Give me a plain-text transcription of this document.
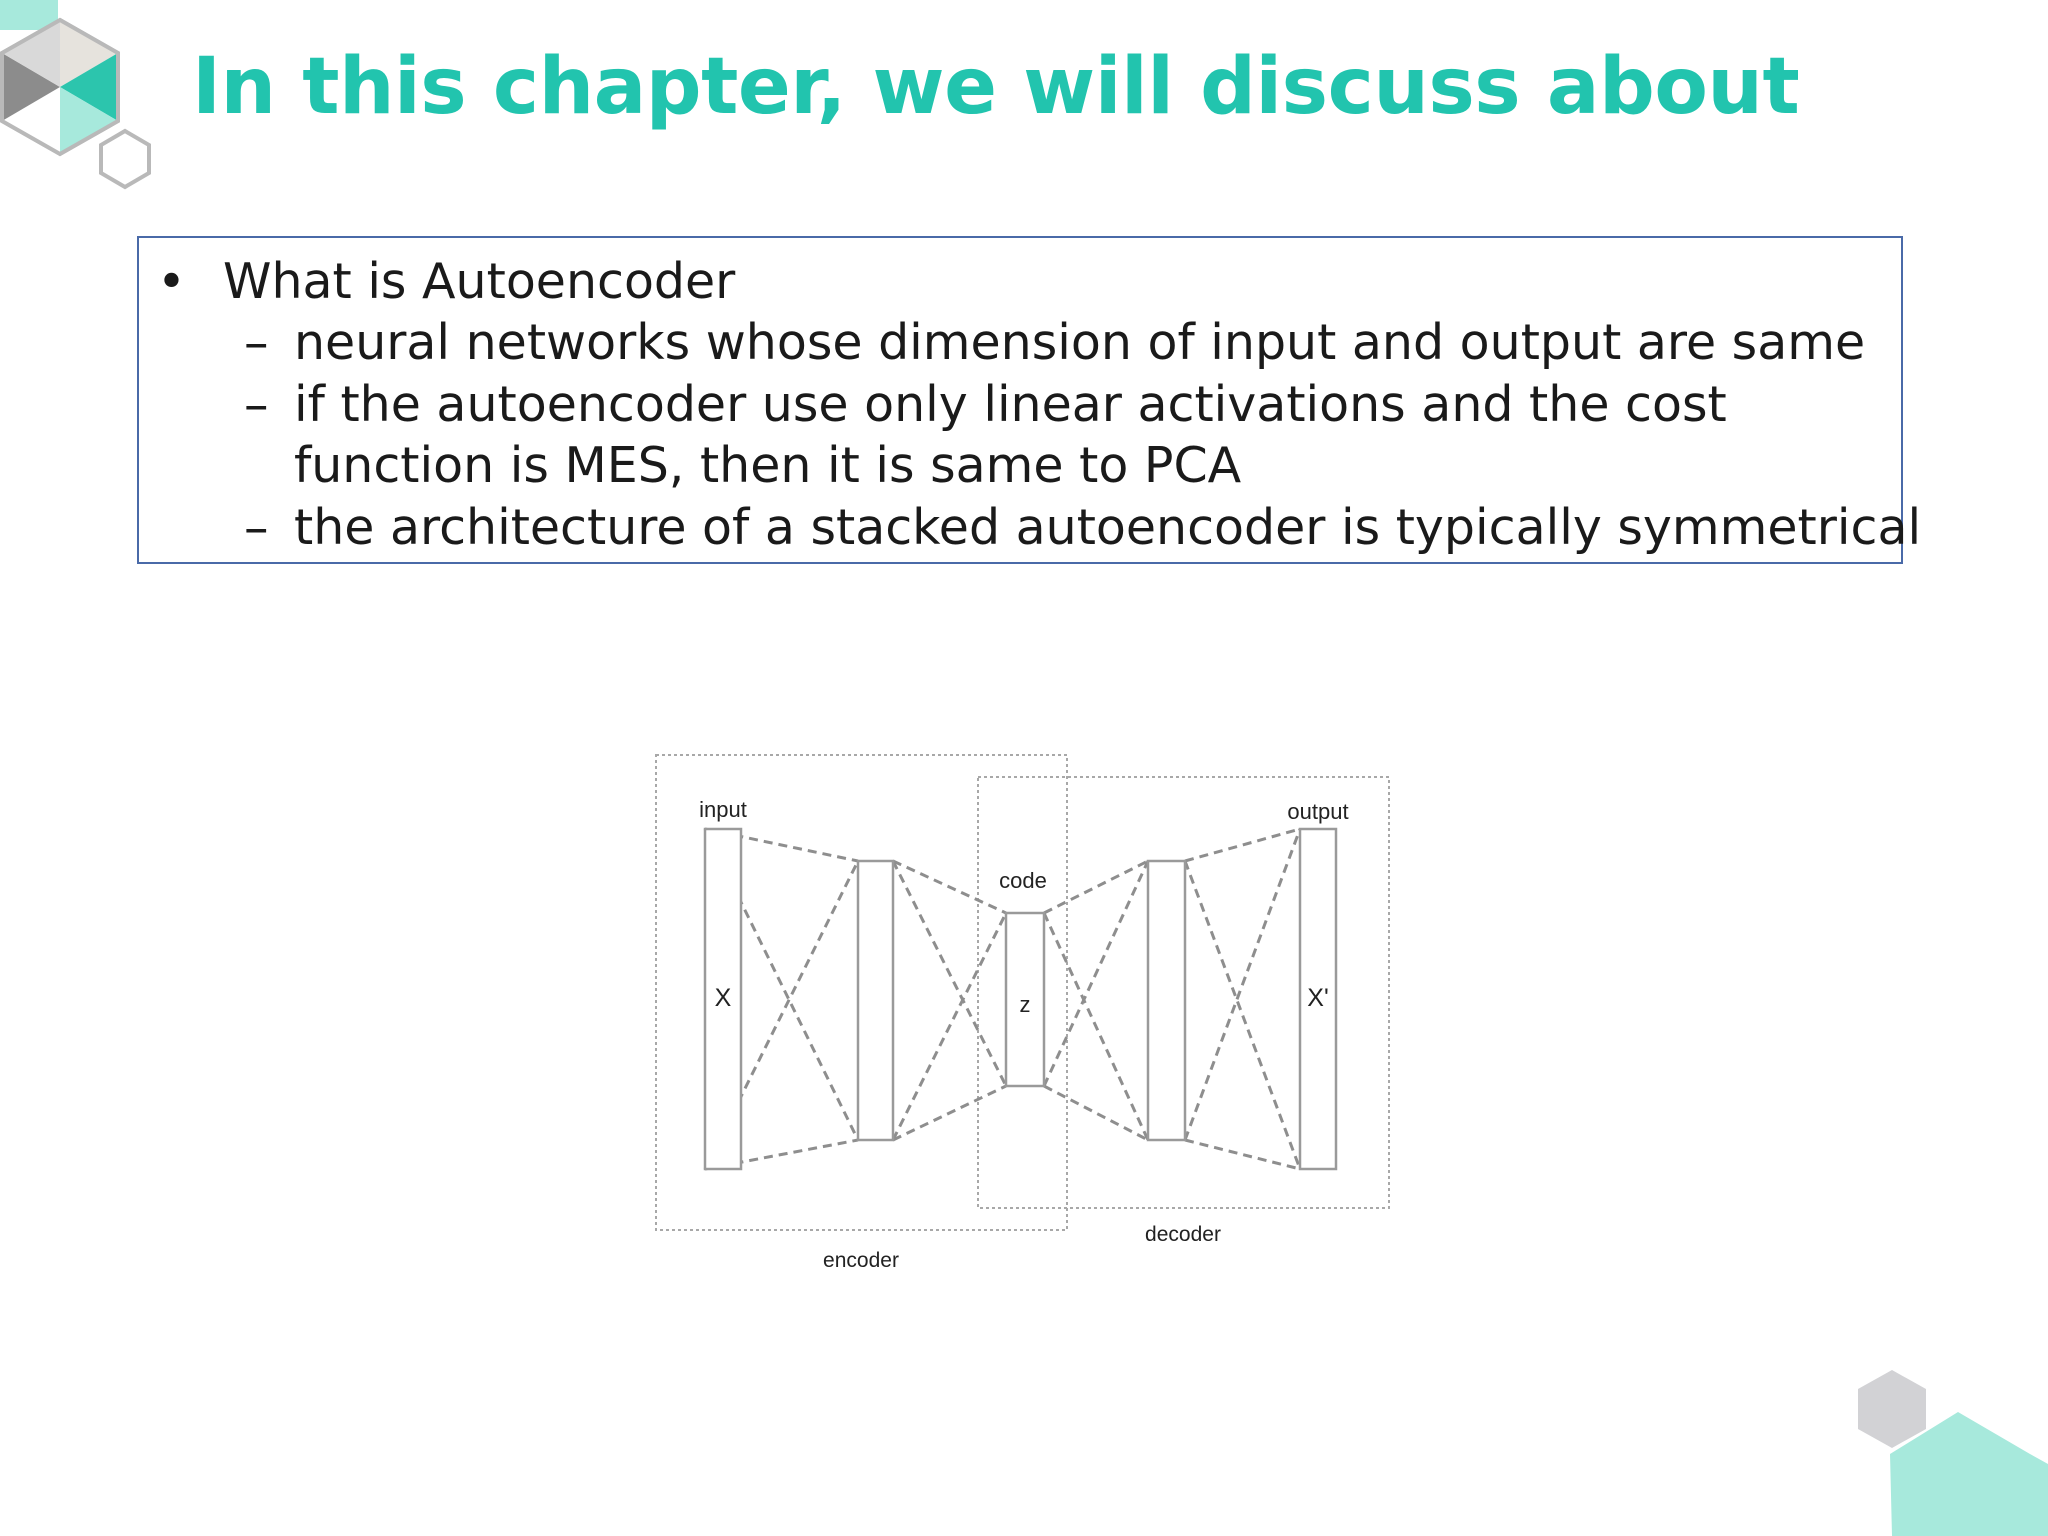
In this chapter, we will discuss about
• What is Autoencoder
– neural networks whose dimension of input and output are same
– if the autoencoder use only linear activations and the cost
function is MES, then it is same to PCA
– the architecture of a stacked autoencoder is typically symmetrical
input	output
code
X	z	X'
encoder
decoder
